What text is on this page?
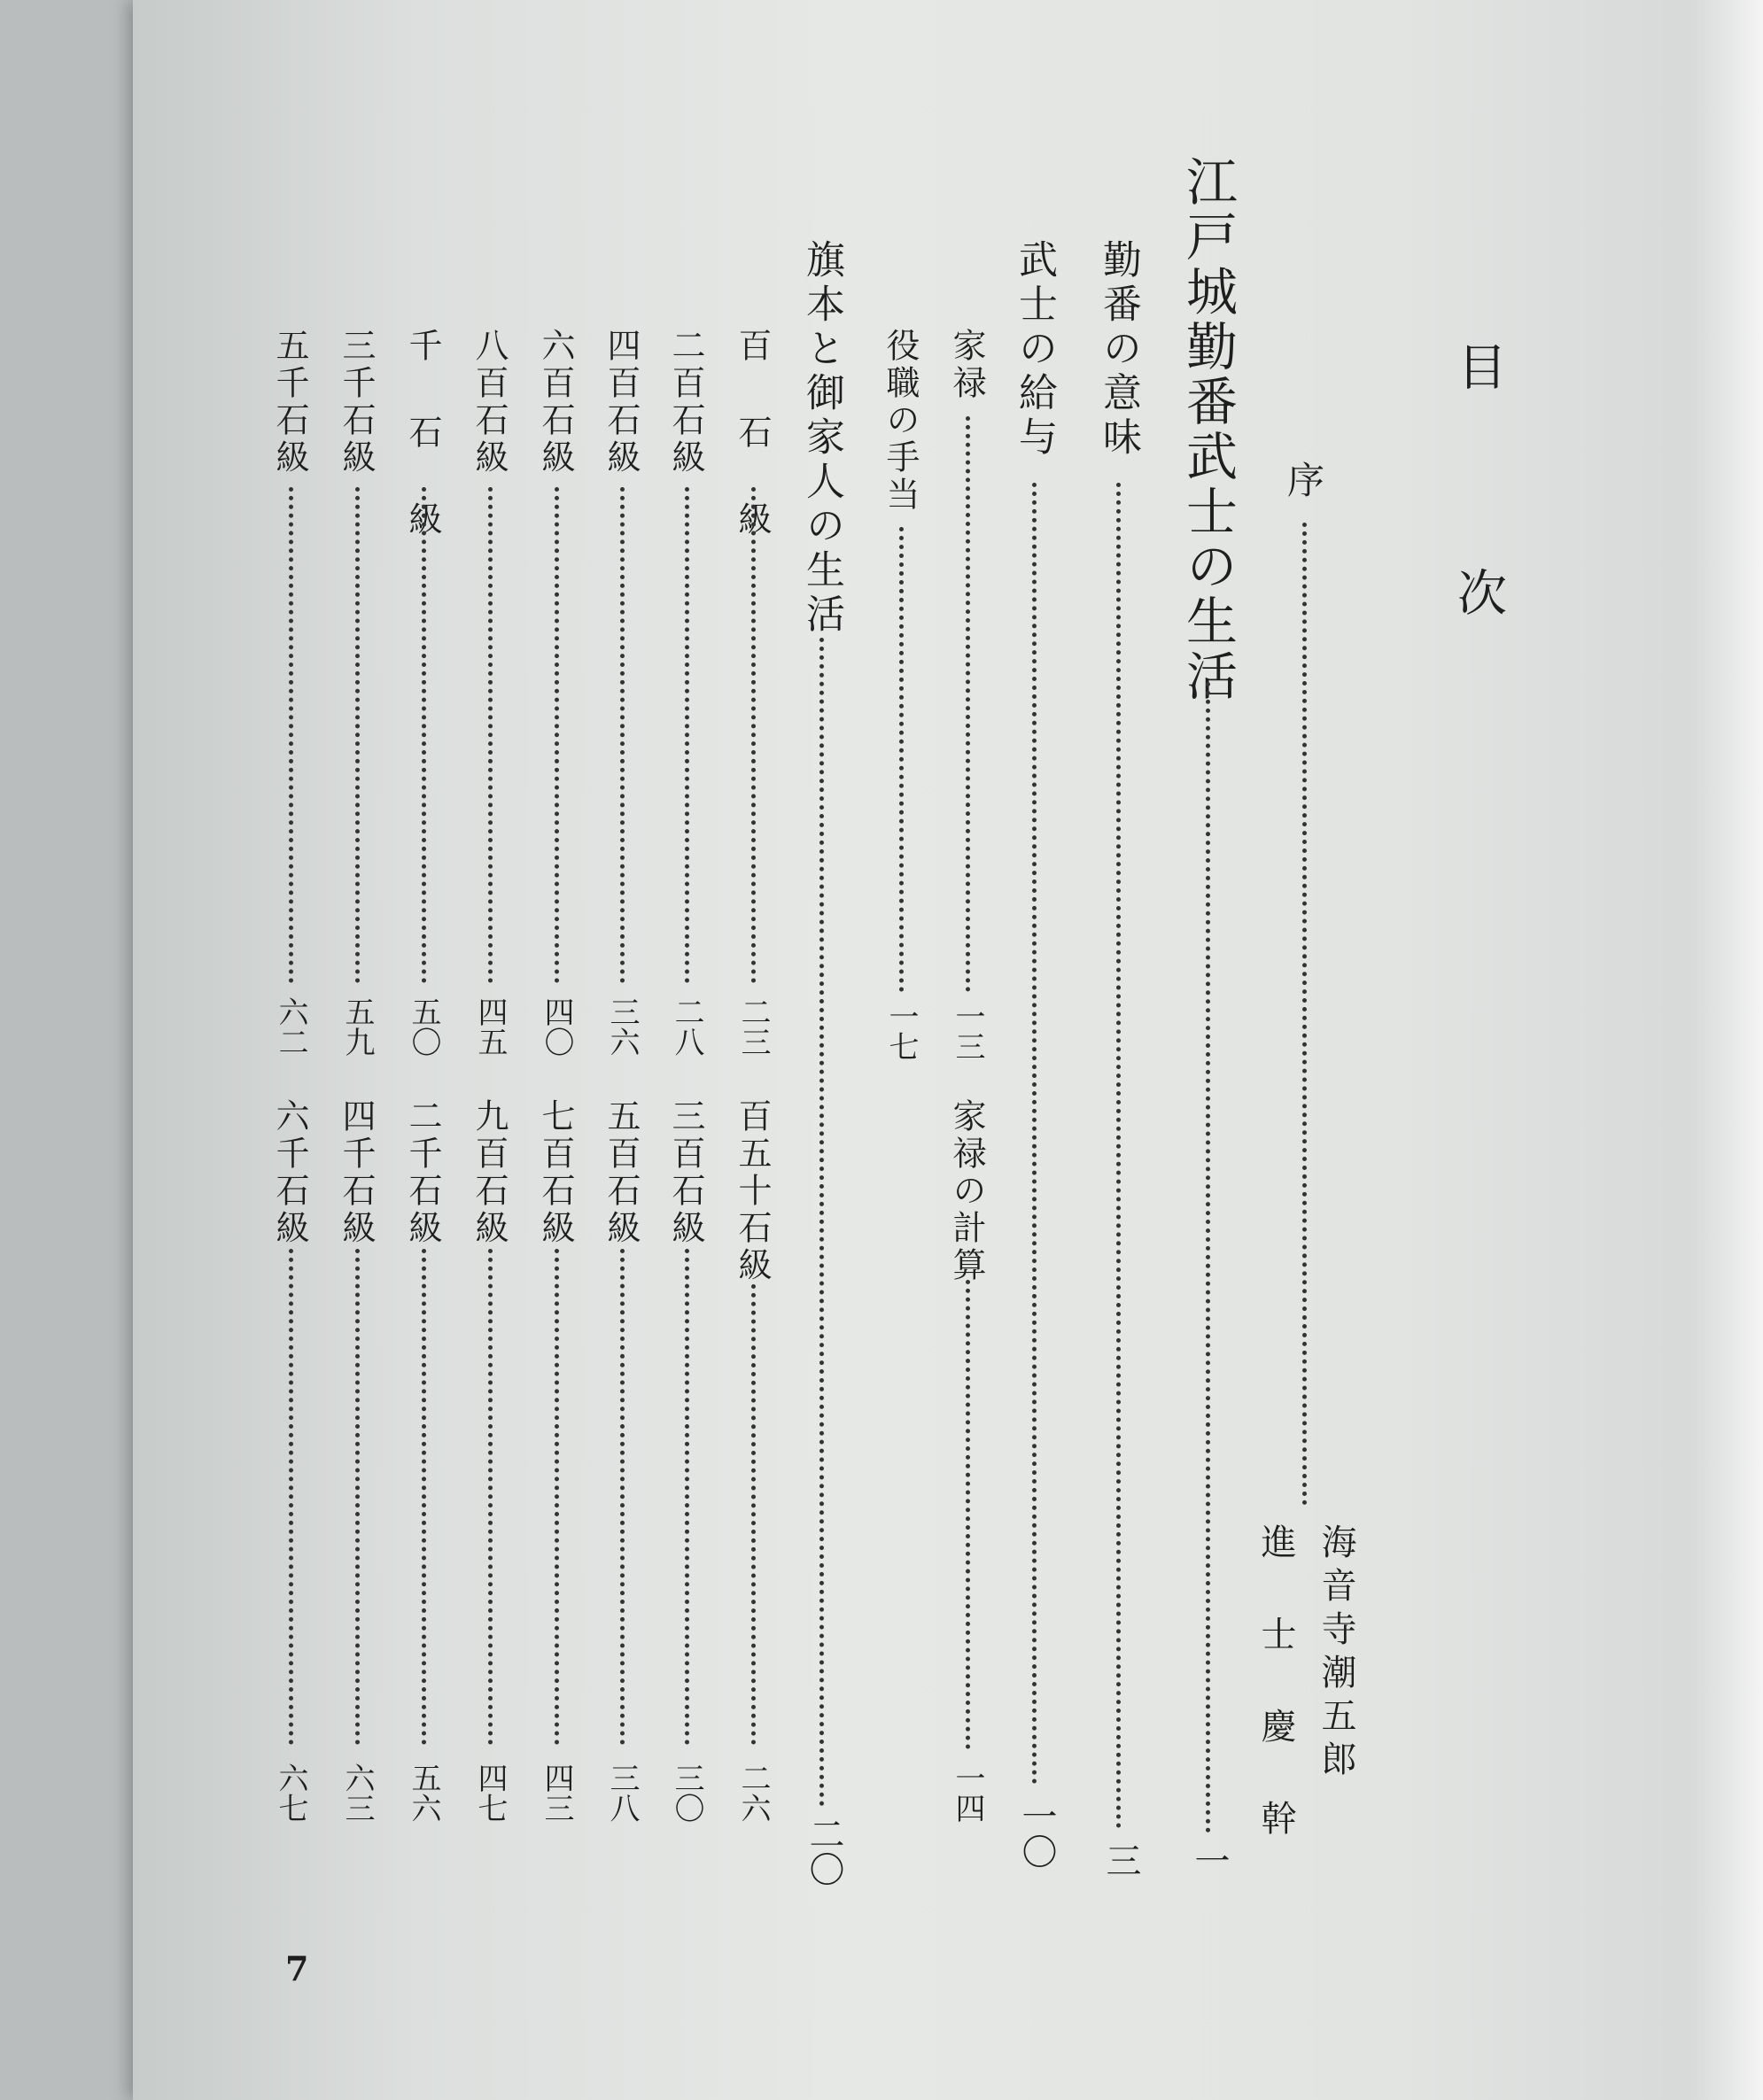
目
次
海音寺潮五郎
進 士 慶 幹
序
江戸城勤番武士の生活
一
勤番の意味
三
武士の給与
一〇
家禄
一三
家禄の計算
一四
役職の手当
一七
旗本と御家人の生活
二〇
百 石 級
二三
二百石級
二八
四百石級
三六
六百石級
四〇
八百石級
四五
千 石 級
五〇
三千石級
五九
五千石級
六二
百五十石級
二六
三百石級
三〇
五百石級
三八
七百石級
四三
九百石級
四七
二千石級
五六
四千石級
六三
六千石級
六七
7
